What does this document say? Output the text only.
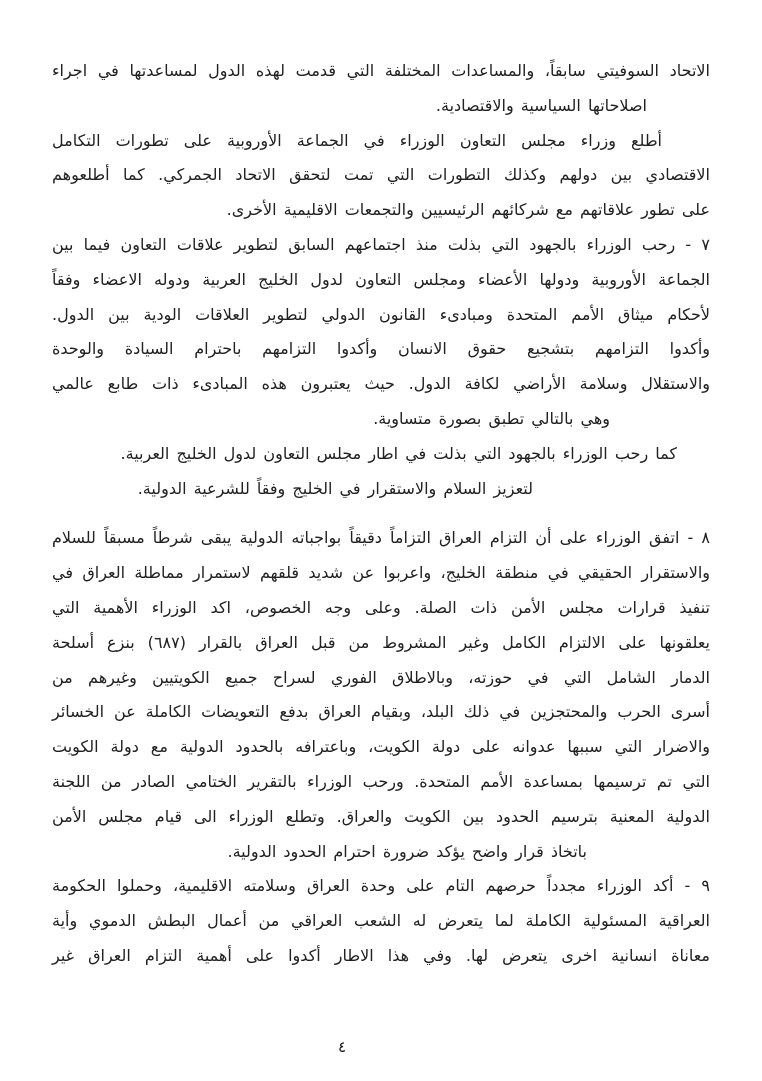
الاتحاد السوفيتي سابقاً، والمساعدات المختلفة التي قدمت لهذه الدول لمساعدتها في اجراء
اصلاحاتها السياسية والاقتصادية.
أطلع وزراء مجلس التعاون الوزراء في الجماعة الأوروبية على تطورات التكامل
الاقتصادي بين دولهم وكذلك التطورات التي تمت لتحقق الاتحاد الجمركي. كما أطلعوهم
على تطور علاقاتهم مع شركائهم الرئيسيين والتجمعات الاقليمية الأخرى.
٧ - رحب الوزراء بالجهود التي بذلت منذ اجتماعهم السابق لتطوير علاقات التعاون فيما بين
الجماعة الأوروبية ودولها الأعضاء ومجلس التعاون لدول الخليج العربية ودوله الاعضاء وفقاً
لأحكام ميثاق الأمم المتحدة ومبادىء القانون الدولي لتطوير العلاقات الودية بين الدول.
وأكدوا التزامهم بتشجيع حقوق الانسان وأكدوا التزامهم باحترام السيادة والوحدة
والاستقلال وسلامة الأراضي لكافة الدول. حيث يعتبرون هذه المبادىء ذات طابع عالمي
وهي بالتالي تطبق بصورة متساوية.
كما رحب الوزراء بالجهود التي بذلت في اطار مجلس التعاون لدول الخليج العربية.
لتعزيز السلام والاستقرار في الخليج وفقاً للشرعية الدولية.
٨ - اتفق الوزراء على أن التزام العراق التزاماً دقيقاً بواجباته الدولية يبقى شرطاً مسبقاً للسلام
والاستقرار الحقيقي في منطقة الخليج، واعربوا عن شديد قلقهم لاستمرار مماطلة العراق في
تنفيذ قرارات مجلس الأمن ذات الصلة. وعلى وجه الخصوص، اكد الوزراء الأهمية التي
يعلقونها على الالتزام الكامل وغير المشروط من قبل العراق بالقرار (٦٨٧) بنزع أسلحة
الدمار الشامل التي في حوزته، وبالاطلاق الفوري لسراح جميع الكويتيين وغيرهم من
أسرى الحرب والمحتجزين في ذلك البلد، وبقيام العراق بدفع التعويضات الكاملة عن الخسائر
والاضرار التي سببها عدوانه على دولة الكويت، وباعترافه بالحدود الدولية مع دولة الكويت
التي تم ترسيمها بمساعدة الأمم المتحدة. ورحب الوزراء بالتقرير الختامي الصادر من اللجنة
الدولية المعنية بترسيم الحدود بين الكويت والعراق. وتطلع الوزراء الى قيام مجلس الأمن
باتخاذ قرار واضح يؤكد ضرورة احترام الحدود الدولية.
٩ - أكد الوزراء مجدداً حرصهم التام على وحدة العراق وسلامته الاقليمية، وحملوا الحكومة
العراقية المسئولية الكاملة لما يتعرض له الشعب العراقي من أعمال البطش الدموي وأية
معاناة انسانية اخرى يتعرض لها. وفي هذا الاطار أكدوا على أهمية التزام العراق غير
٤
